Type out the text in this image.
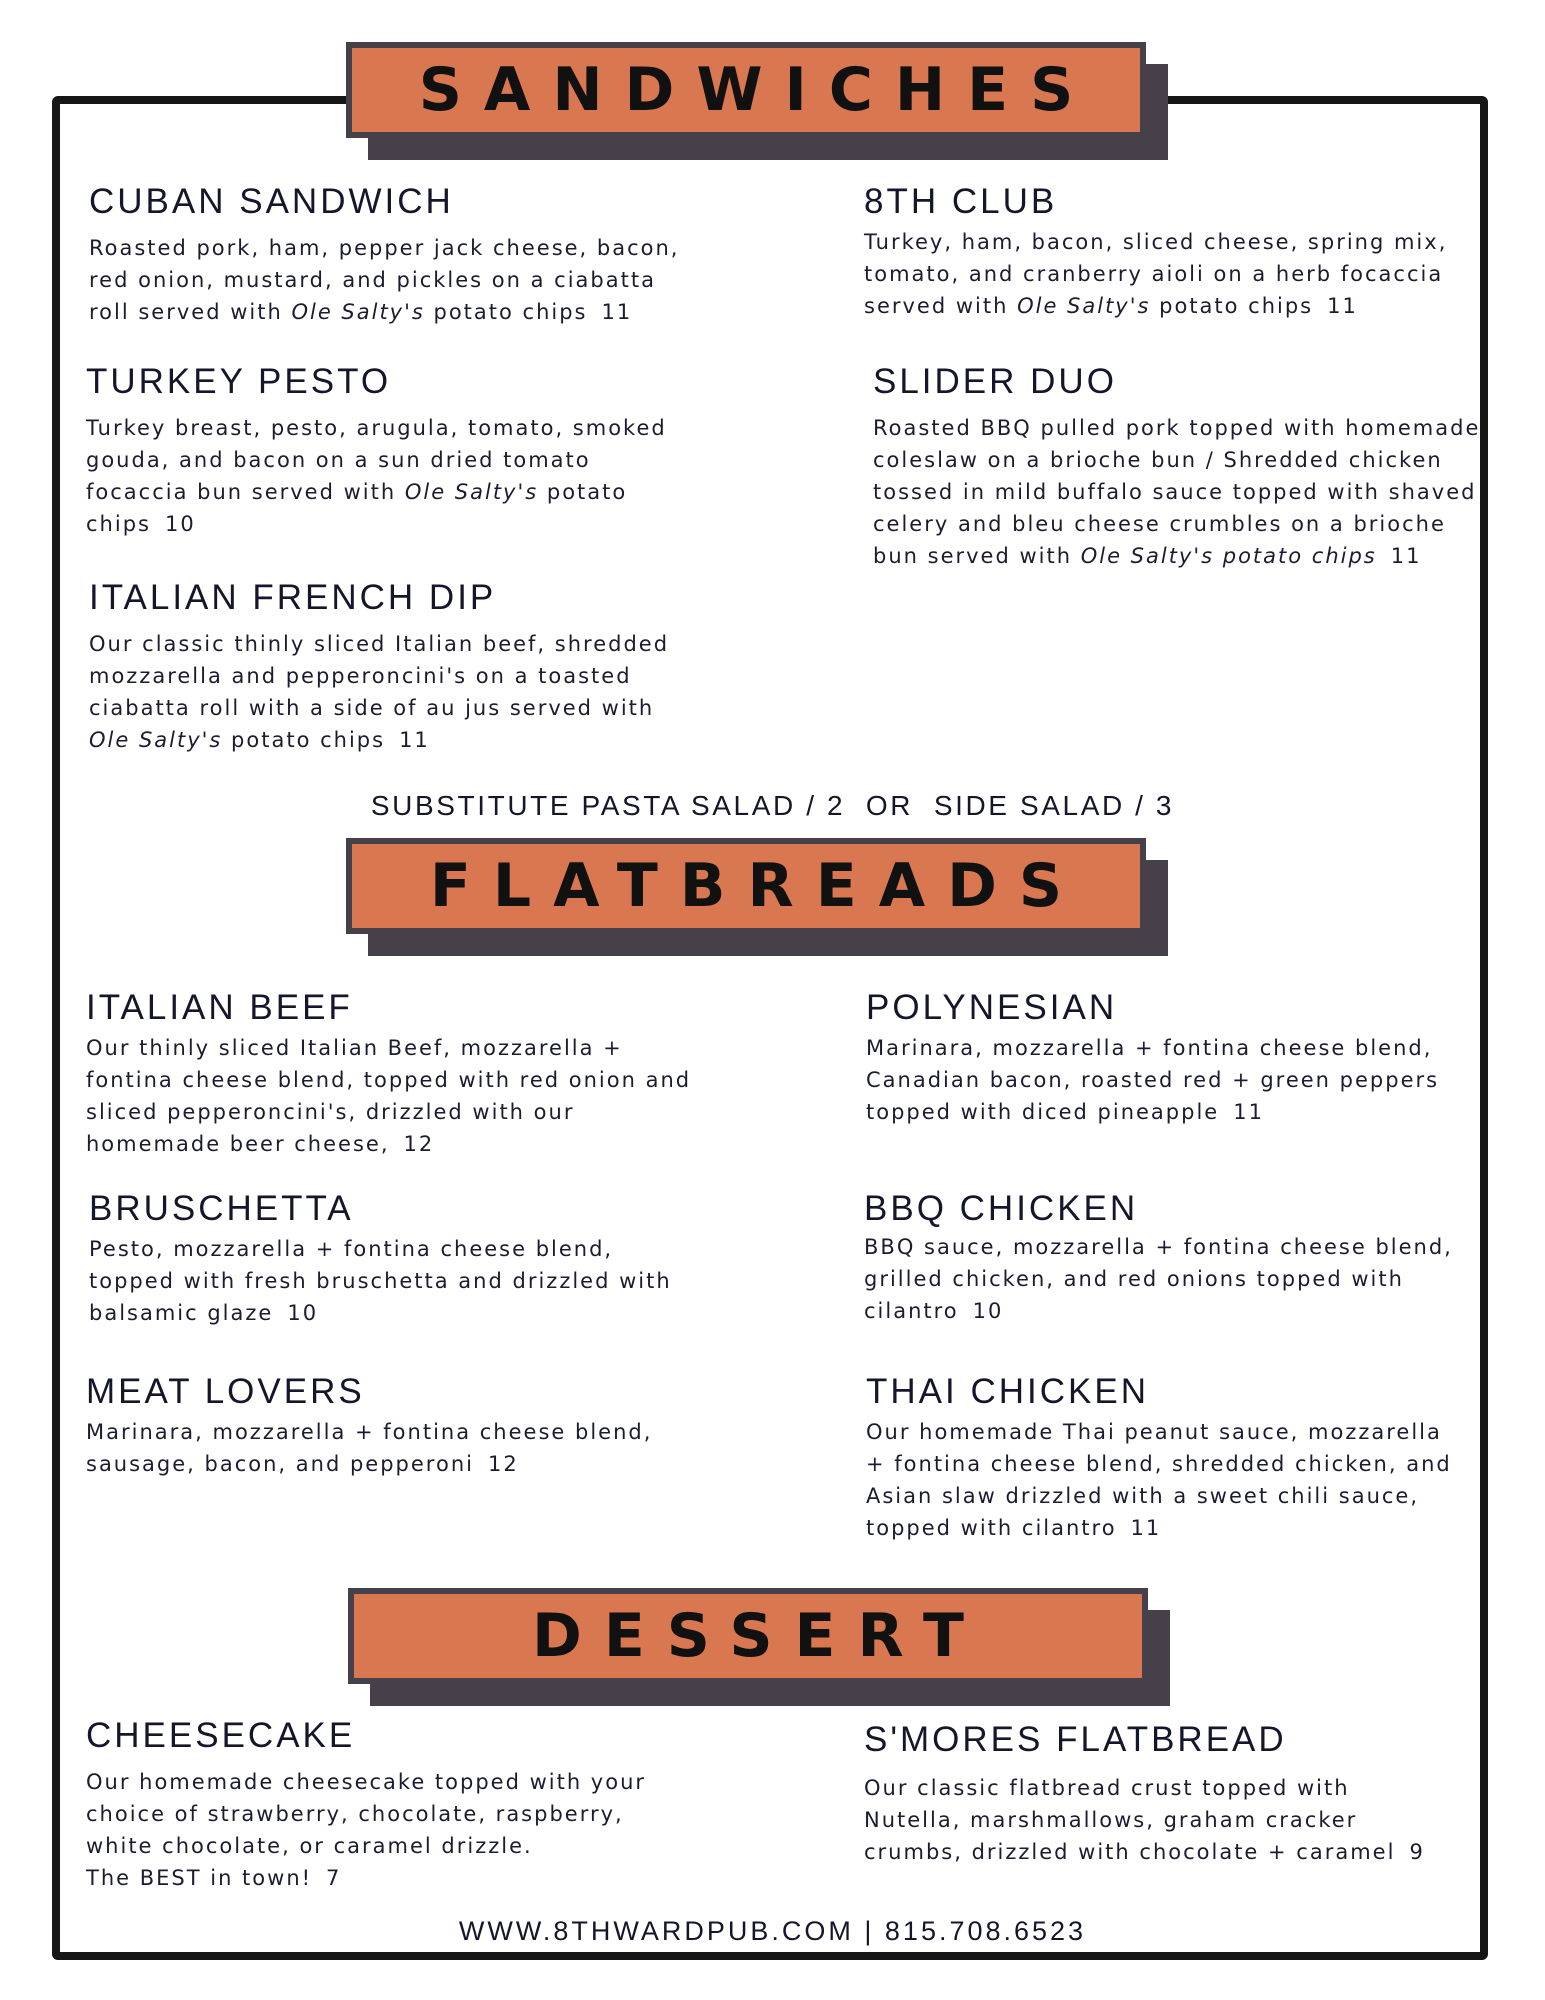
SANDWICHES
CUBAN SANDWICH
Roasted pork, ham, pepper jack cheese, bacon,
red onion, mustard, and pickles on a ciabatta
roll served with Ole Salty's potato chips 11
8TH CLUB
Turkey, ham, bacon, sliced cheese, spring mix,
tomato, and cranberry aioli on a herb focaccia
served with Ole Salty's potato chips 11
TURKEY PESTO
Turkey breast, pesto, arugula, tomato, smoked
gouda, and bacon on a sun dried tomato
focaccia bun served with Ole Salty's potato
chips 10
SLIDER DUO
Roasted BBQ pulled pork topped with homemade
coleslaw on a brioche bun / Shredded chicken
tossed in mild buffalo sauce topped with shaved
celery and bleu cheese crumbles on a brioche
bun served with Ole Salty's potato chips 11
ITALIAN FRENCH DIP
Our classic thinly sliced Italian beef, shredded
mozzarella and pepperoncini's on a toasted
ciabatta roll with a side of au jus served with
Ole Salty's potato chips 11
SUBSTITUTE PASTA SALAD / 2  OR  SIDE SALAD / 3
FLATBREADS
ITALIAN BEEF
Our thinly sliced Italian Beef, mozzarella +
fontina cheese blend, topped with red onion and
sliced pepperoncini's, drizzled with our
homemade beer cheese, 12
POLYNESIAN
Marinara, mozzarella + fontina cheese blend,
Canadian bacon, roasted red + green peppers
topped with diced pineapple 11
BRUSCHETTA
Pesto, mozzarella + fontina cheese blend,
topped with fresh bruschetta and drizzled with
balsamic glaze 10
BBQ CHICKEN
BBQ sauce, mozzarella + fontina cheese blend,
grilled chicken, and red onions topped with
cilantro 10
MEAT LOVERS
Marinara, mozzarella + fontina cheese blend,
sausage, bacon, and pepperoni 12
THAI CHICKEN
Our homemade Thai peanut sauce, mozzarella
+ fontina cheese blend, shredded chicken, and
Asian slaw drizzled with a sweet chili sauce,
topped with cilantro 11
DESSERT
CHEESECAKE
Our homemade cheesecake topped with your
choice of strawberry, chocolate, raspberry,
white chocolate, or caramel drizzle.
The BEST in town! 7
S'MORES FLATBREAD
Our classic flatbread crust topped with
Nutella, marshmallows, graham cracker
crumbs, drizzled with chocolate + caramel 9
WWW.8THWARDPUB.COM | 815.708.6523
